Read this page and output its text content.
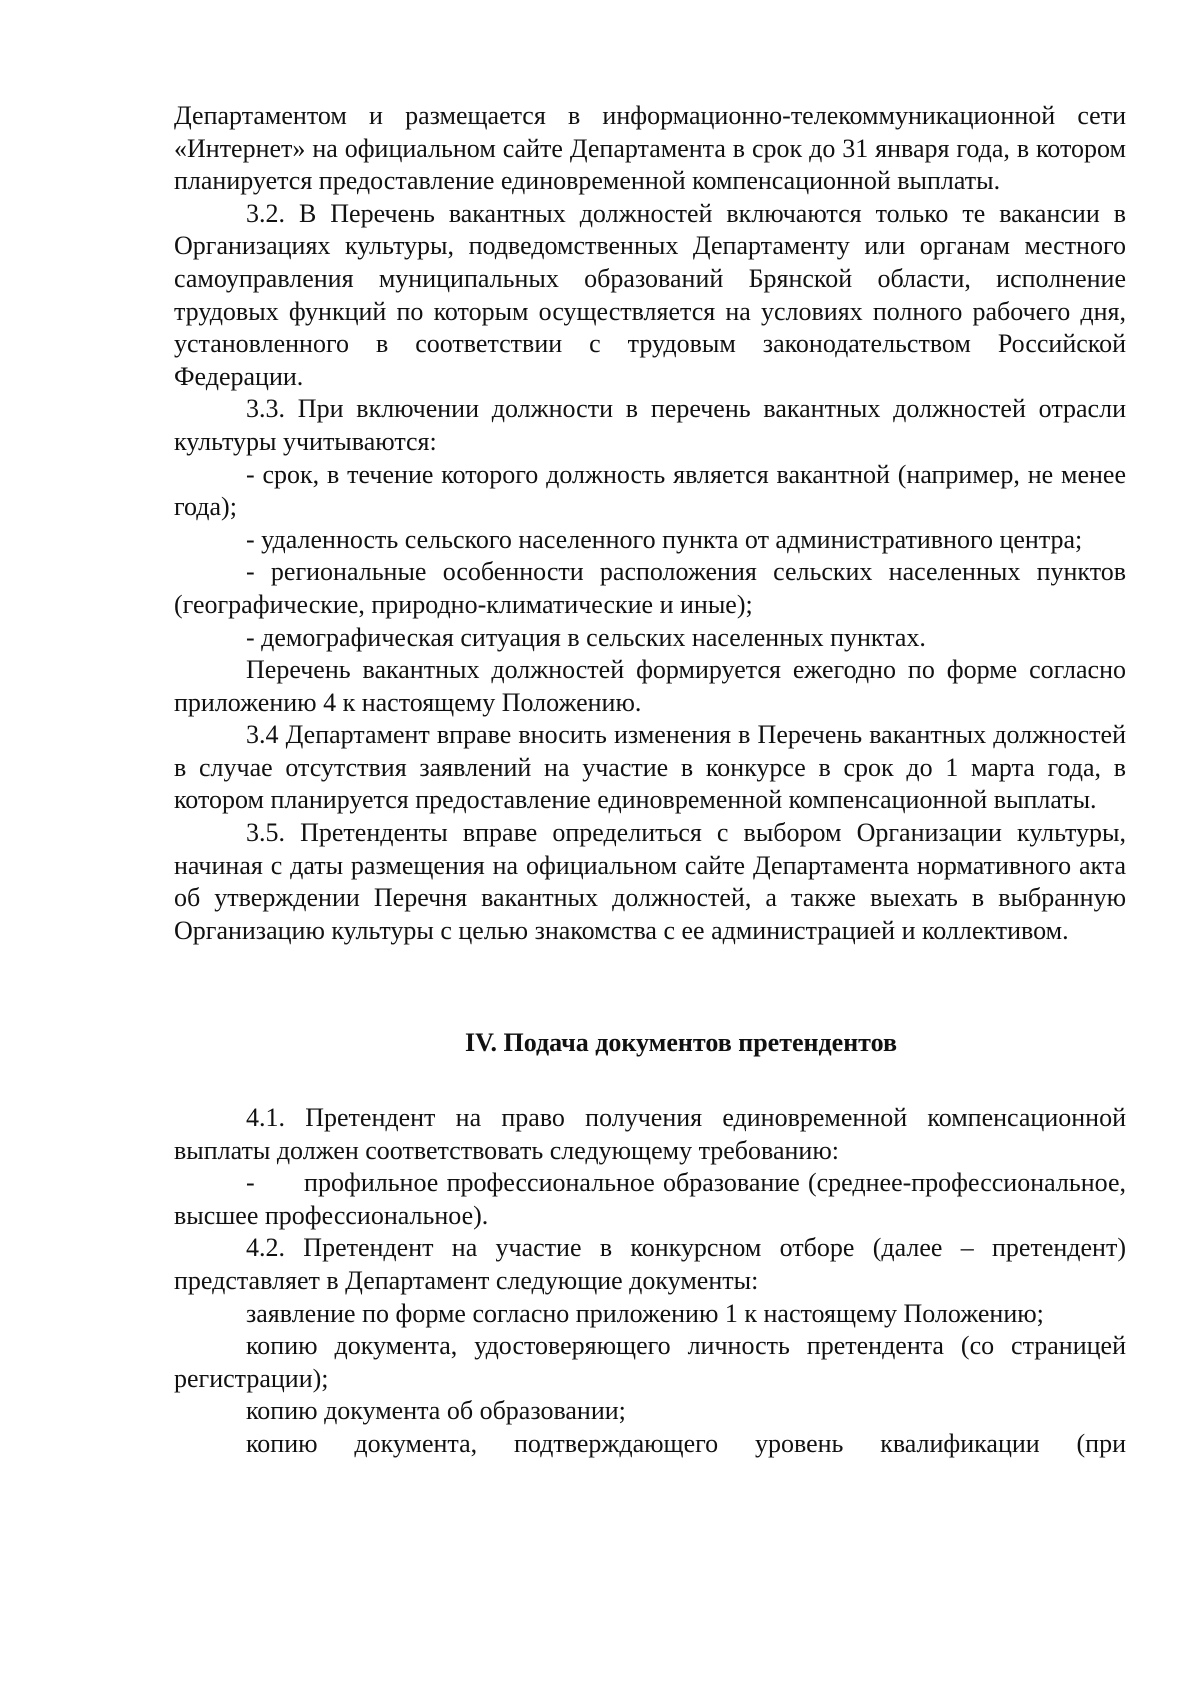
Департаментом и размещается в информационно-телекоммуникационной сети «Интернет» на официальном сайте Департамента в срок до 31 января года, в котором планируется предоставление единовременной компенсационной выплаты.

3.2. В Перечень вакантных должностей включаются только те вакансии в Организациях культуры, подведомственных Департаменту или органам местного самоуправления муниципальных образований Брянской области, исполнение трудовых функций по которым осуществляется на условиях полного рабочего дня, установленного в соответствии с трудовым законодательством Российской Федерации.

3.3. При включении должности в перечень вакантных должностей отрасли культуры учитываются:

- срок, в течение которого должность является вакантной (например, не менее года);

- удаленность сельского населенного пункта от административного центра;

- региональные особенности расположения сельских населенных пунктов (географические, природно-климатические и иные);

- демографическая ситуация в сельских населенных пунктах.

Перечень вакантных должностей формируется ежегодно по форме согласно приложению 4 к настоящему Положению.

3.4 Департамент вправе вносить изменения в Перечень вакантных должностей в случае отсутствия заявлений на участие в конкурсе в срок до 1 марта года, в котором планируется предоставление единовременной компенсационной выплаты.

3.5. Претенденты вправе определиться с выбором Организации культуры, начиная с даты размещения на официальном сайте Департамента нормативного акта об утверждении Перечня вакантных должностей, а также выехать в выбранную Организацию культуры с целью знакомства с ее администрацией и коллективом.

IV. Подача документов претендентов

4.1. Претендент на право получения единовременной компенсационной выплаты должен соответствовать следующему требованию:

-      профильное профессиональное образование (среднее-профессиональное, высшее профессиональное).

4.2. Претендент на участие в конкурсном отборе (далее – претендент) представляет в Департамент следующие документы:

заявление по форме согласно приложению 1 к настоящему Положению;

копию документа, удостоверяющего личность претендента (со страницей регистрации);

копию документа об образовании;

копию документа, подтверждающего уровень квалификации (при
